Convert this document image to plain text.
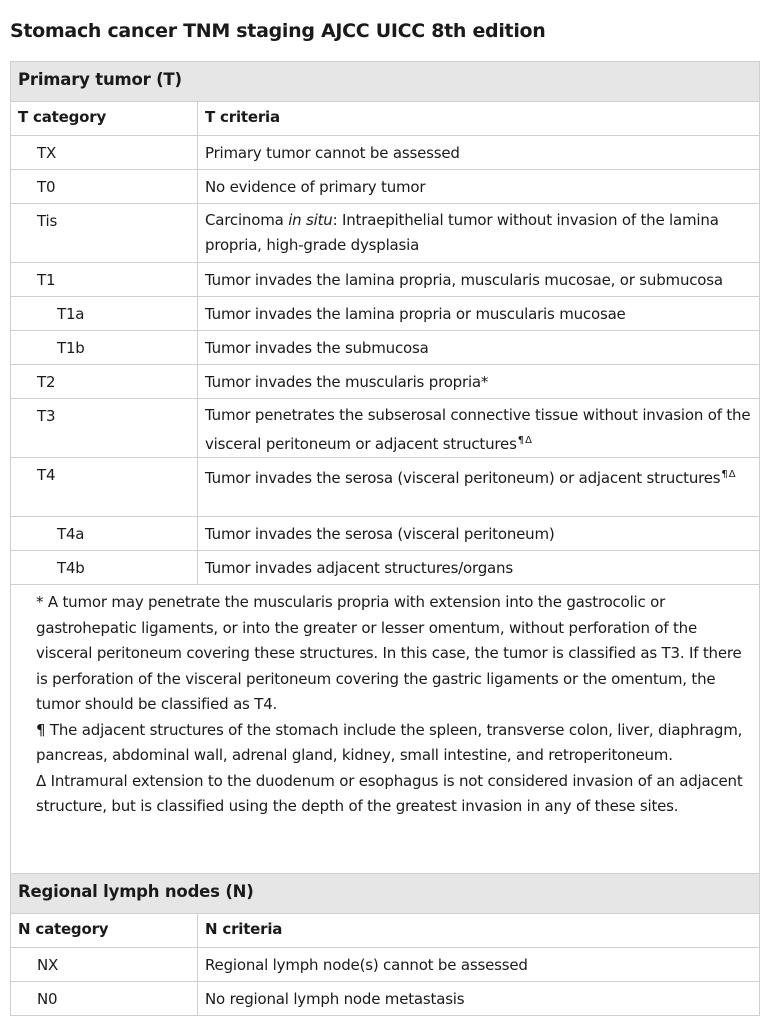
Stomach cancer TNM staging AJCC UICC 8th edition
Primary tumor (T)	
T category	T criteria
TX	Primary tumor cannot be assessed
T0	No evidence of primary tumor
Tis	Carcinoma in situ: Intraepithelial tumor without invasion of the lamina propria, high-grade dysplasia
T1	Tumor invades the lamina propria, muscularis mucosae, or submucosa
T1a	Tumor invades the lamina propria or muscularis mucosae
T1b	Tumor invades the submucosa
T2	Tumor invades the muscularis propria*
T3	Tumor penetrates the subserosal connective tissue without invasion of the visceral peritoneum or adjacent structures$^{\P\Delta}$
T4	Tumor invades the serosa (visceral peritoneum) or adjacent structures$^{\P\Delta}$
T4a	Tumor invades the serosa (visceral peritoneum)
T4b	Tumor invades adjacent structures/organs

* A tumor may penetrate the muscularis propria with extension into the gastrocolic or gastrohepatic ligaments, or into the greater or lesser omentum, without perforation of the visceral peritoneum covering these structures. In this case, the tumor is classified as T3. If there is perforation of the visceral peritoneum covering the gastric ligaments or the omentum, the tumor should be classified as T4.

¶ The adjacent structures of the stomach include the spleen, transverse colon, liver, diaphragm, pancreas, abdominal wall, adrenal gland, kidney, small intestine, and retroperitoneum.

Δ Intramural extension to the duodenum or esophagus is not considered invasion of an adjacent structure, but is classified using the depth of the greatest invasion in any of these sites.	

Regional lymph nodes (N)	
N category	N criteria
NX	Regional lymph node(s) cannot be assessed
N0	No regional lymph node metastasis
